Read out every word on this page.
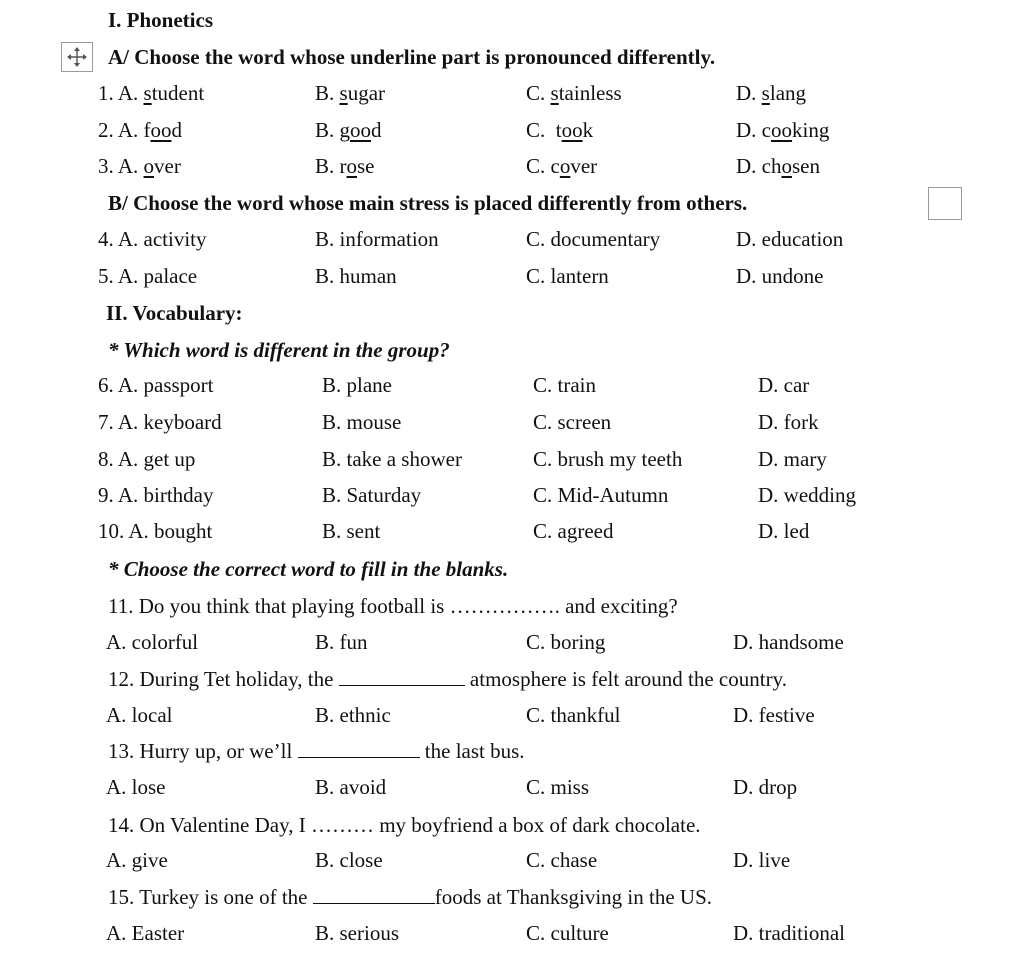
I. Phonetics
A/ Choose the word whose underline part is pronounced differently.
1. A. student	B. sugar	C. stainless	D. slang
2. A. food	B. good	C.  took	D. cooking
3. A. over	B. rose	C. cover	D. chosen
B/ Choose the word whose main stress is placed differently from others.
4. A. activity	B. information	C. documentary	D. education
5. A. palace	B. human	C. lantern	D. undone
II. Vocabulary:
* Which word is different in the group?
6. A. passport	B. plane	C. train	D. car
7. A. keyboard	B. mouse	C. screen	D. fork
8. A. get up	B. take a shower	C. brush my teeth	D. mary
9. A. birthday	B. Saturday	C. Mid-Autumn	D. wedding
10. A. bought	B. sent	C. agreed	D. led
* Choose the correct word to fill in the blanks.
11. Do you think that playing football is ……………. and exciting?
A. colorful	B. fun	C. boring	D. handsome
12. During Tet holiday, the	atmosphere is felt around the country.
A. local	B. ethnic	C. thankful	D. festive
13. Hurry up, or we’ll	the last bus.
A. lose	B. avoid	C. miss	D. drop
14. On Valentine Day, I ……… my boyfriend a box of dark chocolate.
A. give	B. close	C. chase	D. live
15. Turkey is one of the	foods at Thanksgiving in the US.
A. Easter	B. serious	C. culture	D. traditional
